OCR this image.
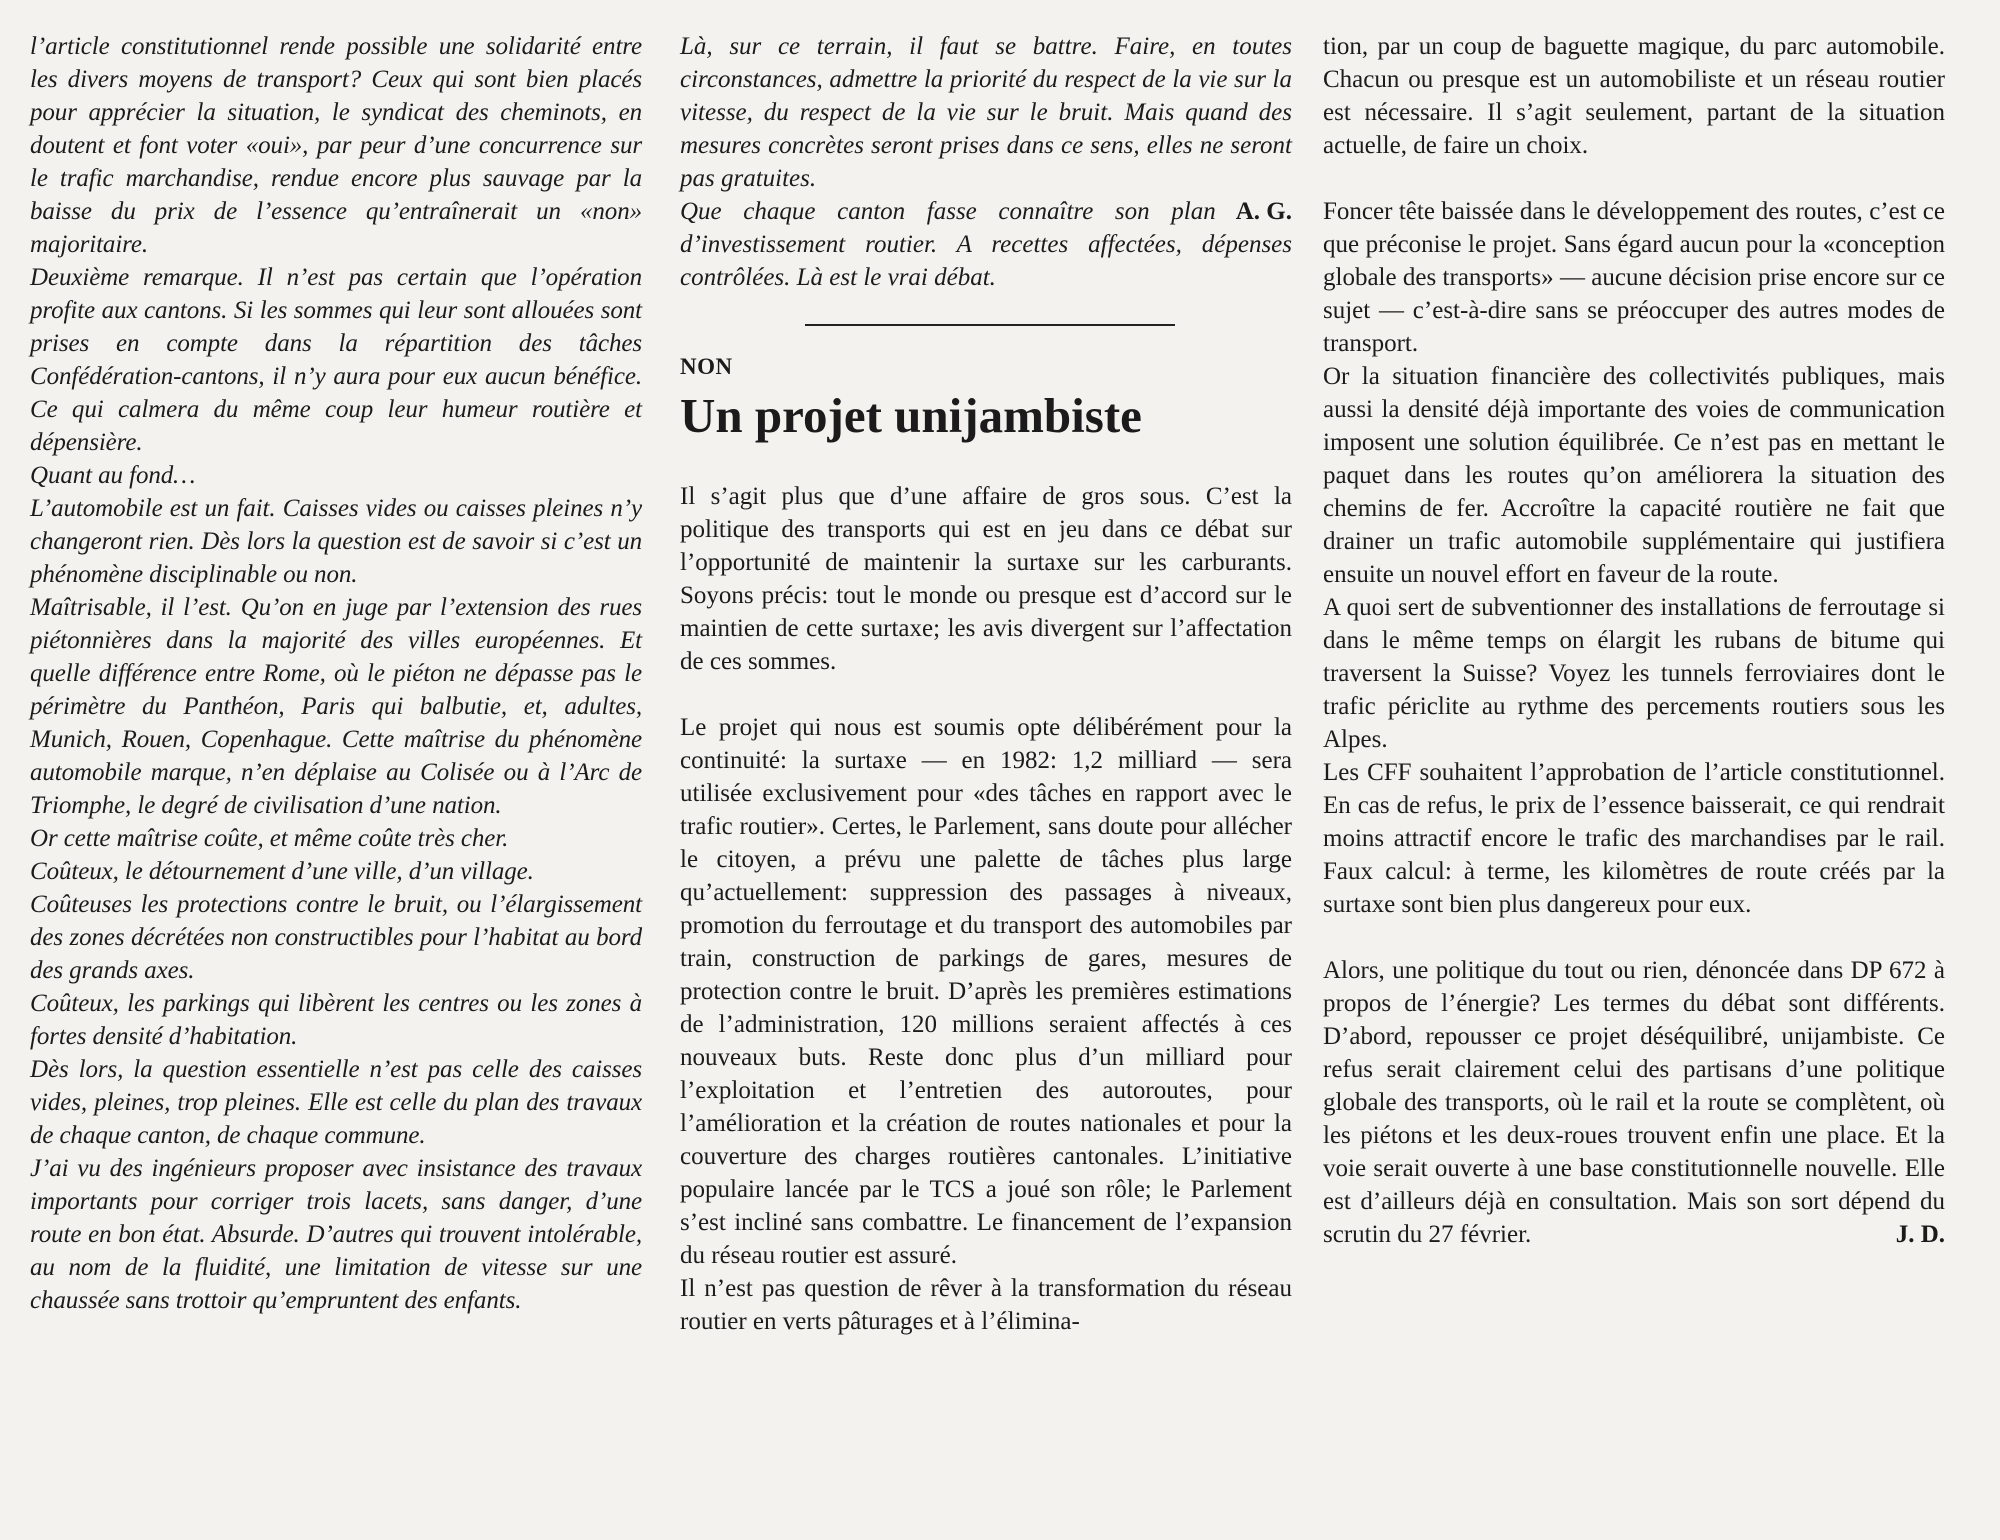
l’article constitutionnel rende possible une solidarité entre les divers moyens de transport? Ceux qui sont bien placés pour apprécier la situation, le syndicat des cheminots, en doutent et font voter «oui», par peur d’une concurrence sur le trafic marchandise, rendue encore plus sauvage par la baisse du prix de l’essence qu’entraînerait un «non» majoritaire.

Deuxième remarque. Il n’est pas certain que l’opération profite aux cantons. Si les sommes qui leur sont allouées sont prises en compte dans la répartition des tâches Confédération-cantons, il n’y aura pour eux aucun bénéfice. Ce qui calmera du même coup leur humeur routière et dépensière.

Quant au fond…

L’automobile est un fait. Caisses vides ou caisses pleines n’y changeront rien. Dès lors la question est de savoir si c’est un phénomène disciplinable ou non.

Maîtrisable, il l’est. Qu’on en juge par l’extension des rues piétonnières dans la majorité des villes européennes. Et quelle différence entre Rome, où le piéton ne dépasse pas le périmètre du Panthéon, Paris qui balbutie, et, adultes, Munich, Rouen, Copenhague. Cette maîtrise du phénomène automobile marque, n’en déplaise au Colisée ou à l’Arc de Triomphe, le degré de civilisation d’une nation.

Or cette maîtrise coûte, et même coûte très cher.

Coûteux, le détournement d’une ville, d’un village.

Coûteuses les protections contre le bruit, ou l’élargissement des zones décrétées non constructibles pour l’habitat au bord des grands axes.

Coûteux, les parkings qui libèrent les centres ou les zones à fortes densité d’habitation.

Dès lors, la question essentielle n’est pas celle des caisses vides, pleines, trop pleines. Elle est celle du plan des travaux de chaque canton, de chaque commune.

J’ai vu des ingénieurs proposer avec insistance des travaux importants pour corriger trois lacets, sans danger, d’une route en bon état. Absurde. D’autres qui trouvent intolérable, au nom de la fluidité, une limitation de vitesse sur une chaussée sans trottoir qu’empruntent des enfants.

Là, sur ce terrain, il faut se battre. Faire, en toutes circonstances, admettre la priorité du respect de la vie sur la vitesse, du respect de la vie sur le bruit. Mais quand des mesures concrètes seront prises dans ce sens, elles ne seront pas gratuites.

A. G.
Que chaque canton fasse connaître son plan d’investissement routier. A recettes affectées, dépenses contrôlées. Là est le vrai débat.

NON
Un projet unijambiste

Il s’agit plus que d’une affaire de gros sous. C’est la politique des transports qui est en jeu dans ce débat sur l’opportunité de maintenir la surtaxe sur les carburants. Soyons précis: tout le monde ou presque est d’accord sur le maintien de cette surtaxe; les avis divergent sur l’affectation de ces sommes.

Le projet qui nous est soumis opte délibérément pour la continuité: la surtaxe — en 1982: 1,2 milliard — sera utilisée exclusivement pour «des tâches en rapport avec le trafic routier». Certes, le Parlement, sans doute pour allécher le citoyen, a prévu une palette de tâches plus large qu’actuellement: suppression des passages à niveaux, promotion du ferroutage et du transport des automobiles par train, construction de parkings de gares, mesures de protection contre le bruit. D’après les premières estimations de l’administration, 120 millions seraient affectés à ces nouveaux buts. Reste donc plus d’un milliard pour l’exploitation et l’entretien des autoroutes, pour l’amélioration et la création de routes nationales et pour la couverture des charges routières cantonales. L’initiative populaire lancée par le TCS a joué son rôle; le Parlement s’est incliné sans combattre. Le financement de l’expansion du réseau routier est assuré.

Il n’est pas question de rêver à la transformation du réseau routier en verts pâturages et à l’élimina-

tion, par un coup de baguette magique, du parc automobile. Chacun ou presque est un automobiliste et un réseau routier est nécessaire. Il s’agit seulement, partant de la situation actuelle, de faire un choix.

Foncer tête baissée dans le développement des routes, c’est ce que préconise le projet. Sans égard aucun pour la «conception globale des transports» — aucune décision prise encore sur ce sujet — c’est-à-dire sans se préoccuper des autres modes de transport.

Or la situation financière des collectivités publiques, mais aussi la densité déjà importante des voies de communication imposent une solution équilibrée. Ce n’est pas en mettant le paquet dans les routes qu’on améliorera la situation des chemins de fer. Accroître la capacité routière ne fait que drainer un trafic automobile supplémentaire qui justifiera ensuite un nouvel effort en faveur de la route.

A quoi sert de subventionner des installations de ferroutage si dans le même temps on élargit les rubans de bitume qui traversent la Suisse? Voyez les tunnels ferroviaires dont le trafic périclite au rythme des percements routiers sous les Alpes.

Les CFF souhaitent l’approbation de l’article constitutionnel. En cas de refus, le prix de l’essence baisserait, ce qui rendrait moins attractif encore le trafic des marchandises par le rail. Faux calcul: à terme, les kilomètres de route créés par la surtaxe sont bien plus dangereux pour eux.

Alors, une politique du tout ou rien, dénoncée dans DP 672 à propos de l’énergie? Les termes du débat sont différents. D’abord, repousser ce projet déséquilibré, unijambiste. Ce refus serait clairement celui des partisans d’une politique globale des transports, où le rail et la route se complètent, où les piétons et les deux-roues trouvent enfin une place. Et la voie serait ouverte à une base constitutionnelle nouvelle. Elle est d’ailleurs déjà en consultation. Mais son sort dépend du scrutin du 27 février.	J. D.
